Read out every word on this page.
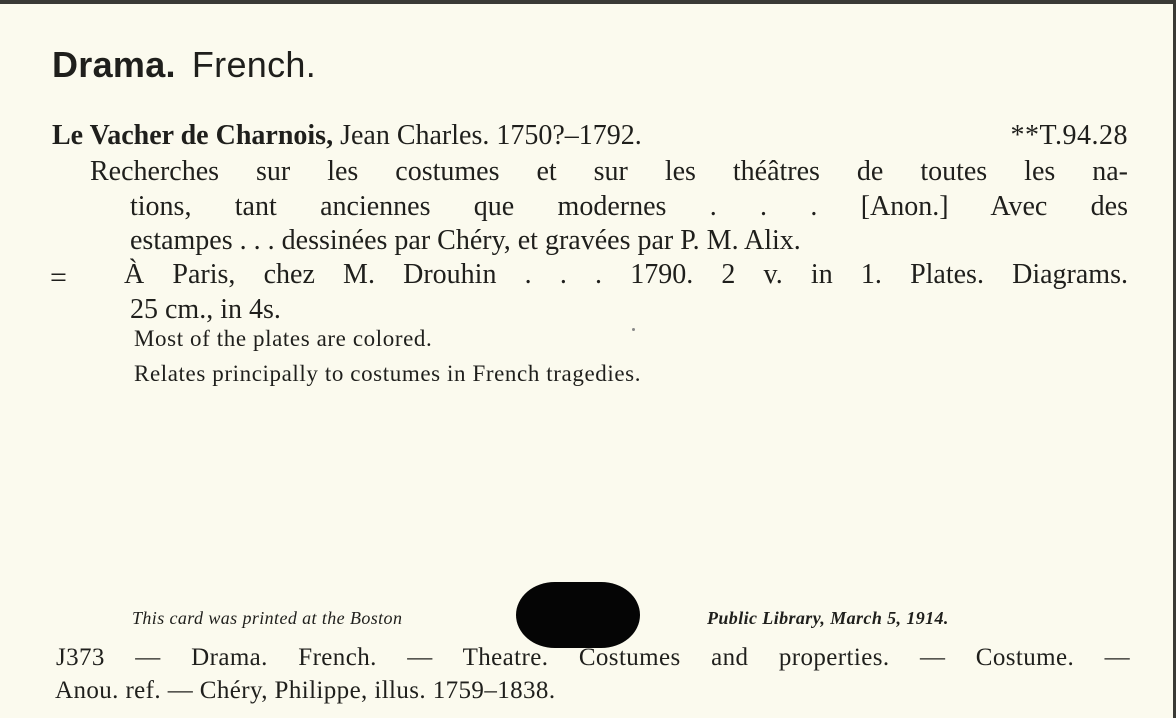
Drama. French.
Le Vacher de Charnois, Jean Charles. 1750?–1792.	**T.94.28
Recherches sur les costumes et sur les théâtres de toutes les na-
tions, tant anciennes que modernes . . . [Anon.] Avec des
estampes . . . dessinées par Chéry, et gravées par P. M. Alix.
= À Paris, chez M. Drouhin . . . 1790. 2 v. in 1. Plates. Diagrams.
25 cm., in 4s.
Most of the plates are colored.
Relates principally to costumes in French tragedies.
This card was printed at the Boston	Public Library, March 5, 1914.
J373 — Drama. French. — Theatre. Costumes and properties. — Costume. —
Anou. ref. — Chéry, Philippe, illus. 1759–1838.
